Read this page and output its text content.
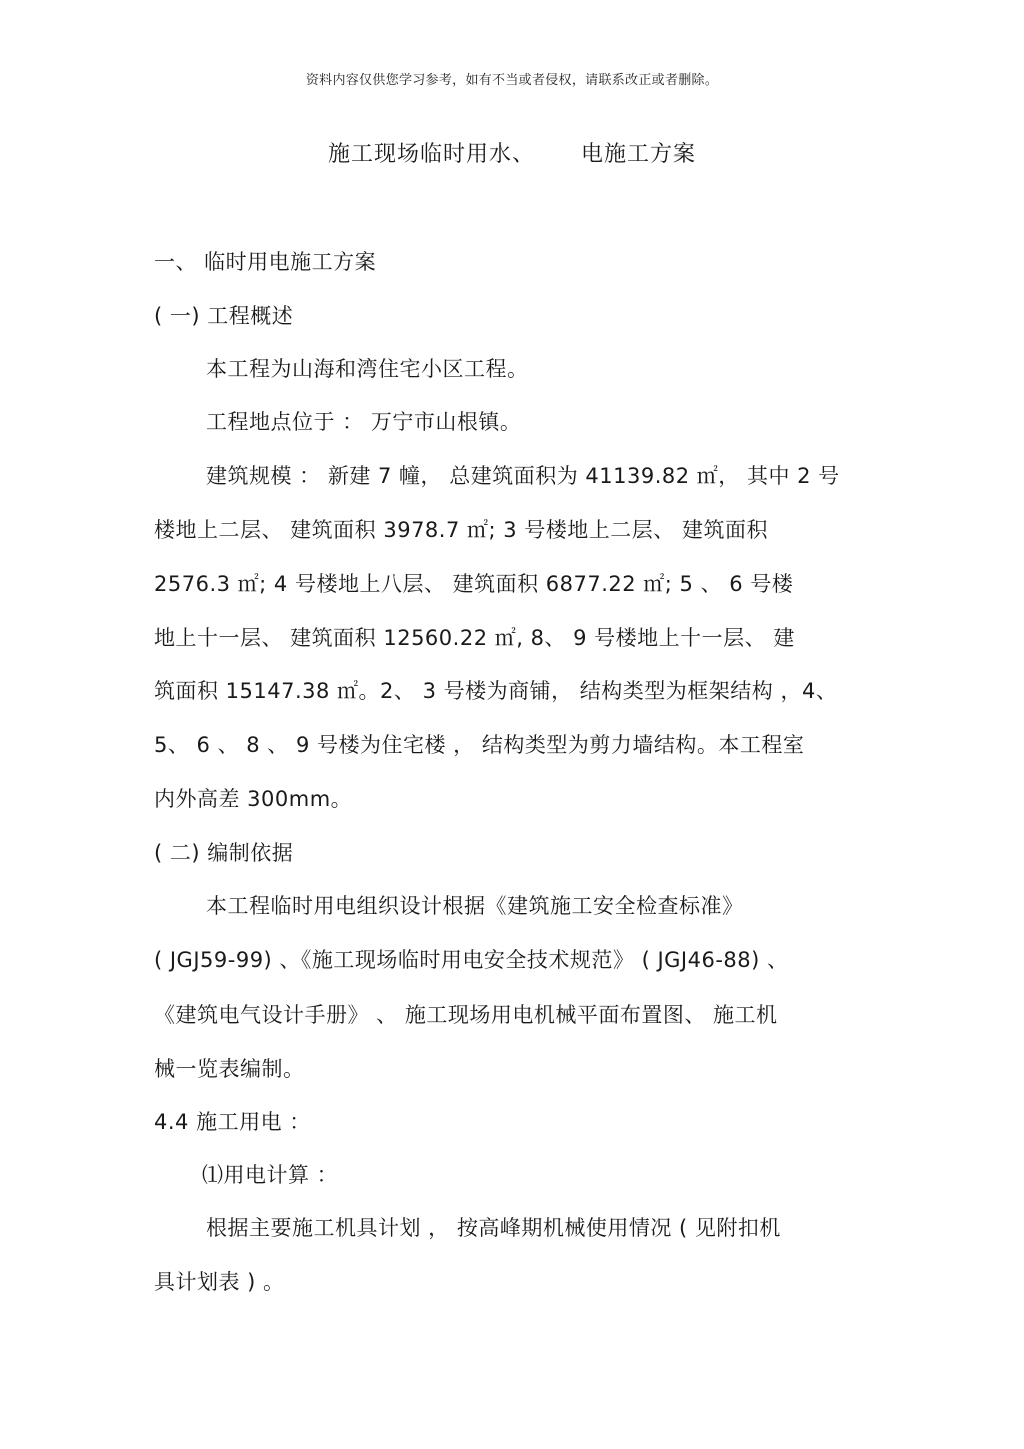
资料内容仅供您学习参考，如有不当或者侵权，请联系改正或者删除。
施工现场临时用水、 电施工方案
一、 临时用电施工方案
( 一) 工程概述
本工程为山海和湾住宅小区工程。
工程地点位于 ： 万宁市山根镇。
建筑规模 ： 新建 7 幢， 总建筑面积为 41139.82 ㎡， 其中 2 号
楼地上二层、 建筑面积 3978.7 ㎡; 3 号楼地上二层、 建筑面积
2576.3 ㎡; 4 号楼地上八层、 建筑面积 6877.22 ㎡; 5 、 6 号楼
地上十一层、 建筑面积 12560.22 ㎡, 8、 9 号楼地上十一层、 建
筑面积 15147.38 ㎡。2、 3 号楼为商铺， 结构类型为框架结构 ，4、
5、 6 、 8 、 9 号楼为住宅楼 ， 结构类型为剪力墙结构。本工程室
内外高差 300mm。
( 二) 编制依据
本工程临时用电组织设计根据《建筑施工安全检查标准》
( JGJ59-99) 、《施工现场临时用电安全技术规范》 ( JGJ46-88) 、
《建筑电气设计手册》 、 施工现场用电机械平面布置图、 施工机
械一览表编制。
4.4 施工用电 ：
⑴用电计算 ：
根据主要施工机具计划 ， 按高峰期机械使用情况 ( 见附扣机
具计划表 ) 。
